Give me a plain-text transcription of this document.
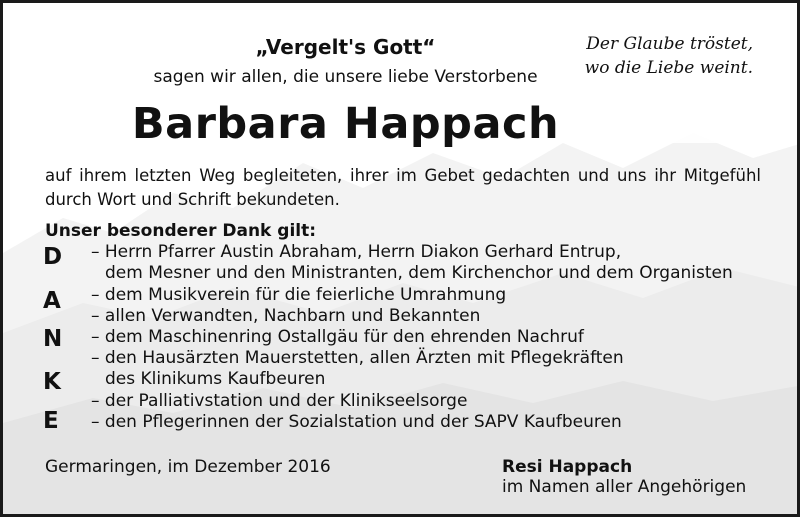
„Vergelt's Gott“
sagen wir allen, die unsere liebe Verstorbene
Barbara Happach
Der Glaube tröstet,
wo die Liebe weint.
auf ihrem letzten Weg begleiteten, ihrer im Gebet gedachten und uns ihr Mitgefühl durch Wort und Schrift bekundeten.
Unser besonderer Dank gilt:
D
A
N
K
E
– Herrn Pfarrer Austin Abraham, Herrn Diakon Gerhard Entrup,
dem Mesner und den Ministranten, dem Kirchenchor und dem Organisten
– dem Musikverein für die feierliche Umrahmung
– allen Verwandten, Nachbarn und Bekannten
– dem Maschinenring Ostallgäu für den ehrenden Nachruf
– den Hausärzten Mauerstetten, allen Ärzten mit Pflegekräften
des Klinikums Kaufbeuren
– der Palliativstation und der Klinikseelsorge
– den Pflegerinnen der Sozialstation und der SAPV Kaufbeuren
Germaringen, im Dezember 2016	Resi Happach
im Namen aller Angehörigen
